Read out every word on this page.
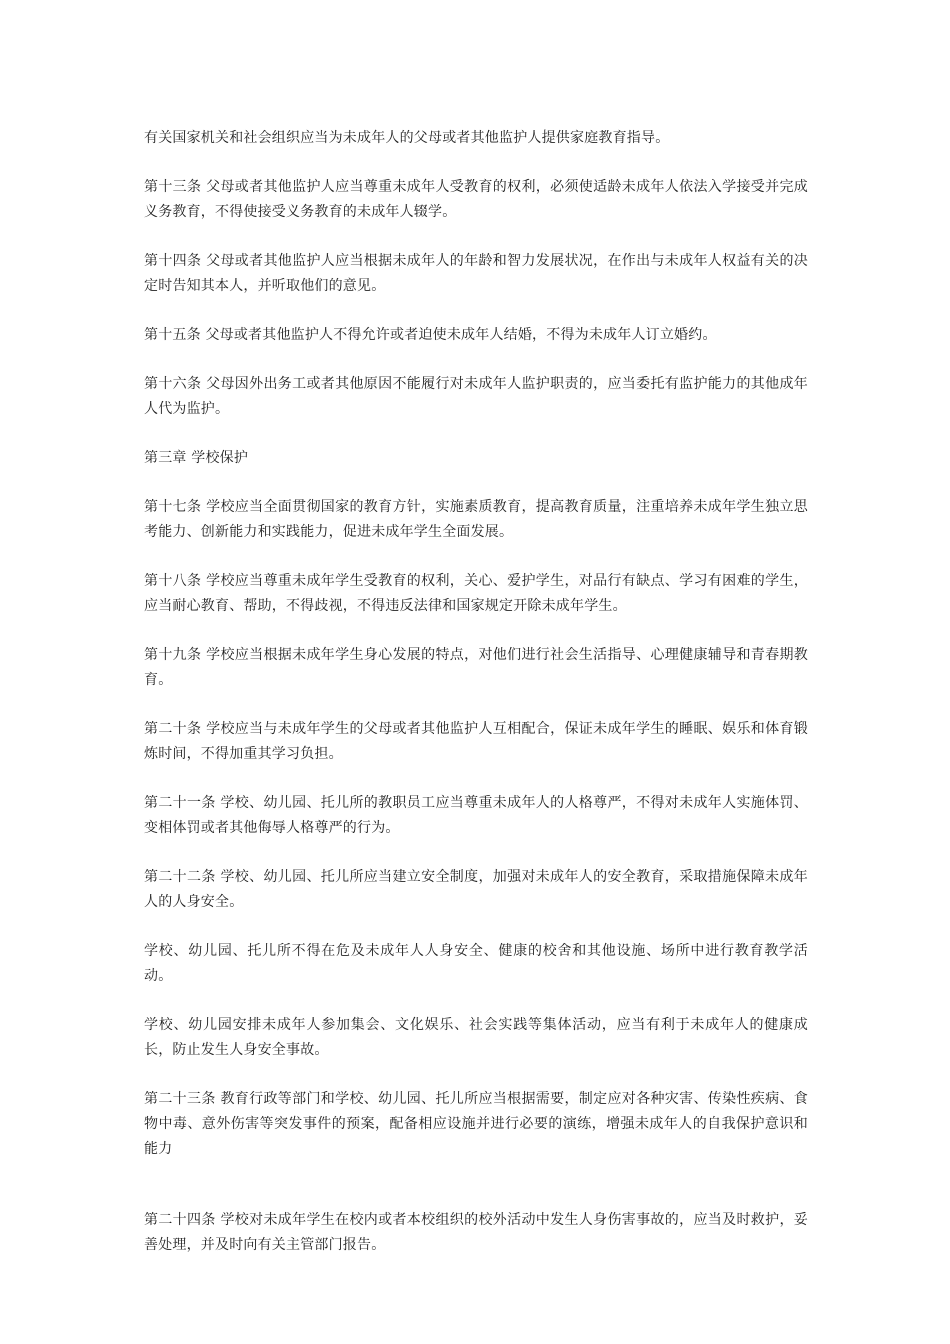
有关国家机关和社会组织应当为未成年人的父母或者其他监护人提供家庭教育指导。

第十三条 父母或者其他监护人应当尊重未成年人受教育的权利，必须使适龄未成年人依法入学接受并完成义务教育，不得使接受义务教育的未成年人辍学。

第十四条 父母或者其他监护人应当根据未成年人的年龄和智力发展状况，在作出与未成年人权益有关的决定时告知其本人，并听取他们的意见。

第十五条 父母或者其他监护人不得允许或者迫使未成年人结婚，不得为未成年人订立婚约。

第十六条 父母因外出务工或者其他原因不能履行对未成年人监护职责的，应当委托有监护能力的其他成年人代为监护。

第三章 学校保护

第十七条 学校应当全面贯彻国家的教育方针，实施素质教育，提高教育质量，注重培养未成年学生独立思考能力、创新能力和实践能力，促进未成年学生全面发展。

第十八条 学校应当尊重未成年学生受教育的权利，关心、爱护学生，对品行有缺点、学习有困难的学生，应当耐心教育、帮助，不得歧视，不得违反法律和国家规定开除未成年学生。

第十九条 学校应当根据未成年学生身心发展的特点，对他们进行社会生活指导、心理健康辅导和青春期教育。

第二十条 学校应当与未成年学生的父母或者其他监护人互相配合，保证未成年学生的睡眠、娱乐和体育锻炼时间，不得加重其学习负担。

第二十一条 学校、幼儿园、托儿所的教职员工应当尊重未成年人的人格尊严，不得对未成年人实施体罚、变相体罚或者其他侮辱人格尊严的行为。

第二十二条 学校、幼儿园、托儿所应当建立安全制度，加强对未成年人的安全教育，采取措施保障未成年人的人身安全。

学校、幼儿园、托儿所不得在危及未成年人人身安全、健康的校舍和其他设施、场所中进行教育教学活动。

学校、幼儿园安排未成年人参加集会、文化娱乐、社会实践等集体活动，应当有利于未成年人的健康成长，防止发生人身安全事故。

第二十三条 教育行政等部门和学校、幼儿园、托儿所应当根据需要，制定应对各种灾害、传染性疾病、食物中毒、意外伤害等突发事件的预案，配备相应设施并进行必要的演练，增强未成年人的自我保护意识和能力

第二十四条 学校对未成年学生在校内或者本校组织的校外活动中发生人身伤害事故的，应当及时救护，妥善处理，并及时向有关主管部门报告。
